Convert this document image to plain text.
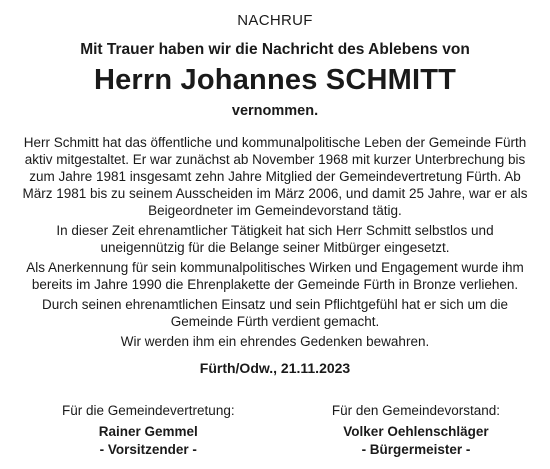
NACHRUF
Mit Trauer haben wir die Nachricht des Ablebens von
Herrn Johannes SCHMITT
vernommen.
Herr Schmitt hat das öffentliche und kommunalpolitische Leben der Gemeinde Fürth aktiv mitgestaltet. Er war zunächst ab November 1968 mit kurzer Unterbrechung bis zum Jahre 1981 insgesamt zehn Jahre Mitglied der Gemeindevertretung Fürth. Ab März 1981 bis zu seinem Ausscheiden im März 2006, und damit 25 Jahre, war er als Beigeordneter im Gemeindevorstand tätig.
In dieser Zeit ehrenamtlicher Tätigkeit hat sich Herr Schmitt selbstlos und uneigennützig für die Belange seiner Mitbürger eingesetzt.
Als Anerkennung für sein kommunalpolitisches Wirken und Engagement wurde ihm bereits im Jahre 1990 die Ehrenplakette der Gemeinde Fürth in Bronze verliehen.
Durch seinen ehrenamtlichen Einsatz und sein Pflichtgefühl hat er sich um die Gemeinde Fürth verdient gemacht.
Wir werden ihm ein ehrendes Gedenken bewahren.
Fürth/Odw., 21.11.2023
Für die Gemeindevertretung:
Rainer Gemmel
- Vorsitzender -
Für den Gemeindevorstand:
Volker Oehlenschläger
- Bürgermeister -
